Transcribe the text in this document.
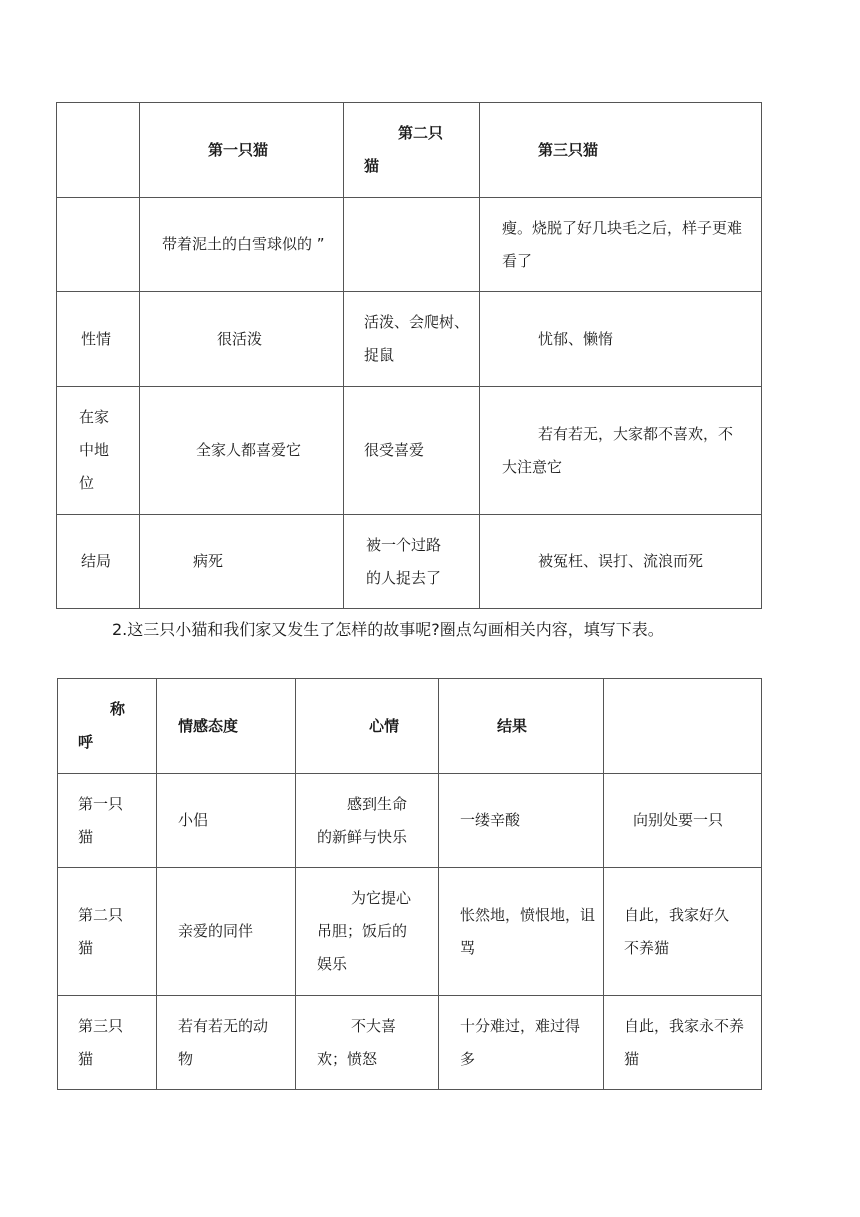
	第一只猫	第二只猫	第三只猫
	带着泥土的白雪球似的 ”		瘦。烧脱了好几块毛之后，样子更难看了
性情	很活泼	活泼、会爬树、捉鼠	忧郁、懒惰
在家中地位	全家人都喜爱它	很受喜爱	若有若无，大家都不喜欢，不大注意它
结局	病死	被一个过路的人捉去了	被冤枉、误打、流浪而死
2.这三只小猫和我们家又发生了怎样的故事呢?圈点勾画相关内容，填写下表。
称呼	情感态度	心情	结果	
第一只猫	小侣	感到生命的新鲜与快乐	一缕辛酸	向别处要一只
第二只猫	亲爱的同伴	为它提心吊胆；饭后的娱乐	怅然地，愤恨地，诅骂	自此，我家好久不养猫
第三只猫	若有若无的动物	不大喜欢；愤怒	十分难过，难过得多	自此，我家永不养猫
